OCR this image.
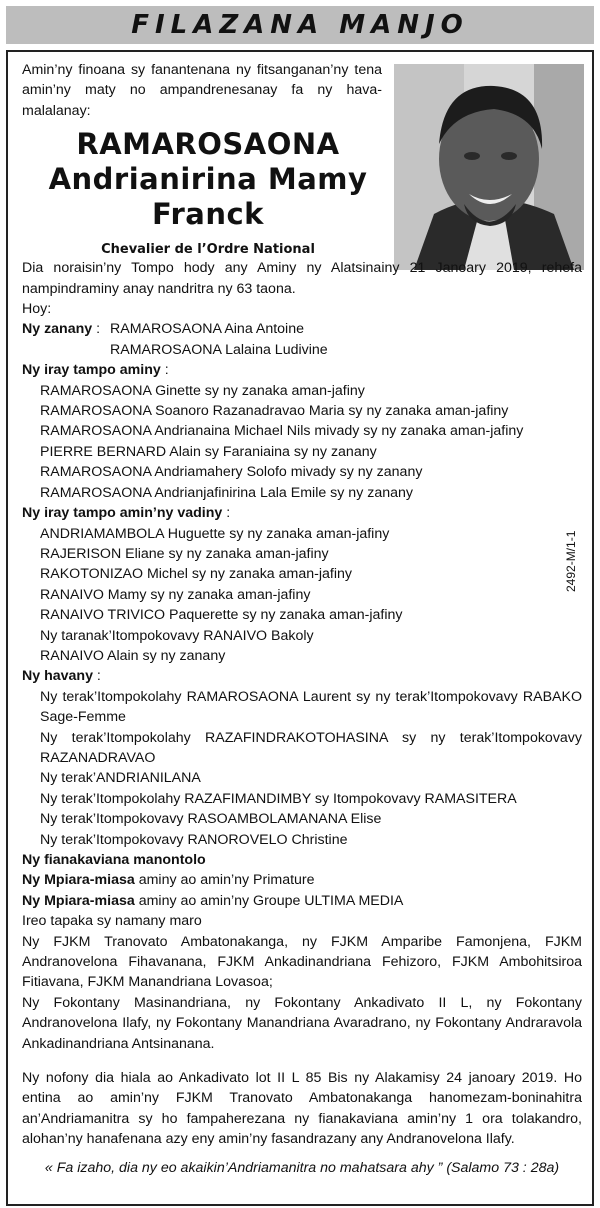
FILAZANA MANJO
2492-M/1-1

Amin’ny finoana sy fanantenana ny fitsanganan’ny tena amin’ny maty no ampandrenesanay fa ny hava-malalanay:

RAMAROSAONA
Andrianirina Mamy
Franck
Chevalier de l’Ordre National

Dia noraisin’ny Tompo hody any Aminy ny Alatsinainy 21 Janoary 2019, rehefa nampindraminy anay nandritra ny 63 taona.

Hoy:
Ny zanany : RAMAROSAONA Aina Antoine
RAMAROSAONA Lalaina Ludivine
Ny iray tampo aminy :
RAMAROSAONA Ginette sy ny zanaka aman-jafiny
RAMAROSAONA Soanoro Razanadravao Maria sy ny zanaka aman-jafiny
RAMAROSAONA Andrianaina Michael Nils mivady sy ny zanaka aman-jafiny
PIERRE BERNARD Alain sy Faraniaina sy ny zanany
RAMAROSAONA Andriamahery Solofo mivady sy ny zanany
RAMAROSAONA Andrianjafinirina Lala Emile sy ny zanany
Ny iray tampo amin’ny vadiny :
ANDRIAMAMBOLA Huguette sy ny zanaka aman-jafiny
RAJERISON Eliane sy ny zanaka aman-jafiny
RAKOTONIZAO Michel sy ny zanaka aman-jafiny
RANAIVO Mamy sy ny zanaka aman-jafiny
RANAIVO TRIVICO Paquerette sy ny zanaka aman-jafiny
Ny taranak’Itompokovavy RANAIVO Bakoly
RANAIVO Alain sy ny zanany
Ny havany :
Ny terak’Itompokolahy RAMAROSAONA Laurent sy ny terak’Itompokovavy RABAKO Sage-Femme
Ny terak’Itompokolahy RAZAFINDRAKOTOHASINA sy ny terak’Itompokovavy RAZANADRAVAO
Ny terak’ANDRIANILANA
Ny terak’Itompokolahy RAZAFIMANDIMBY sy Itompokovavy RAMASITERA
Ny terak’Itompokovavy RASOAMBOLAMANANA Elise
Ny terak’Itompokovavy RANOROVELO Christine
Ny fianakaviana manontolo
Ny Mpiara-miasa aminy ao amin’ny Primature
Ny Mpiara-miasa aminy ao amin’ny Groupe ULTIMA MEDIA
Ireo tapaka sy namany maro

Ny FJKM Tranovato Ambatonakanga, ny FJKM Amparibe Famonjena, FJKM Andranovelona Fihavanana, FJKM Ankadinandriana Fehizoro, FJKM Ambohitsiroa Fitiavana, FJKM Manandriana Lovasoa;

Ny Fokontany Masinandriana, ny Fokontany Ankadivato II L, ny Fokontany Andranovelona Ilafy, ny Fokontany Manandriana Avaradrano, ny Fokontany Andraravola Ankadinandriana Antsinanana.

Ny nofony dia hiala ao Ankadivato lot II L 85 Bis ny Alakamisy 24 janoary 2019. Ho entina ao amin’ny FJKM Tranovato Ambatonakanga hanomezam-boninahitra an’Andriamanitra sy ho fampaherezana ny fianakaviana amin’ny 1 ora tolakandro, alohan’ny hanafenana azy eny amin’ny fasandrazany any Andranovelona Ilafy.

« Fa izaho, dia ny eo akaikin’Andriamanitra no mahatsara ahy ” (Salamo 73 : 28a)
